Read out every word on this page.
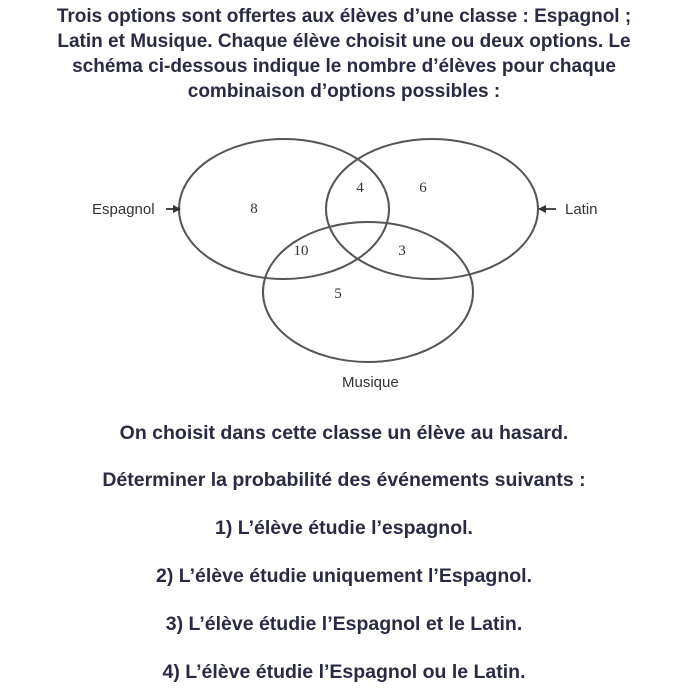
Trois options sont offertes aux élèves d’une classe : Espagnol ;
Latin et Musique. Chaque élève choisit une ou deux options. Le
schéma ci-dessous indique le nombre d’élèves pour chaque
combinaison d’options possibles :
Espagnol	Latin
Musique
8
4	6
10	3
5
On choisit dans cette classe un élève au hasard.
Déterminer la probabilité des événements suivants :
1) L’élève étudie l’espagnol.
2) L’élève étudie uniquement l’Espagnol.
3) L’élève étudie l’Espagnol et le Latin.
4) L’élève étudie l’Espagnol ou le Latin.
